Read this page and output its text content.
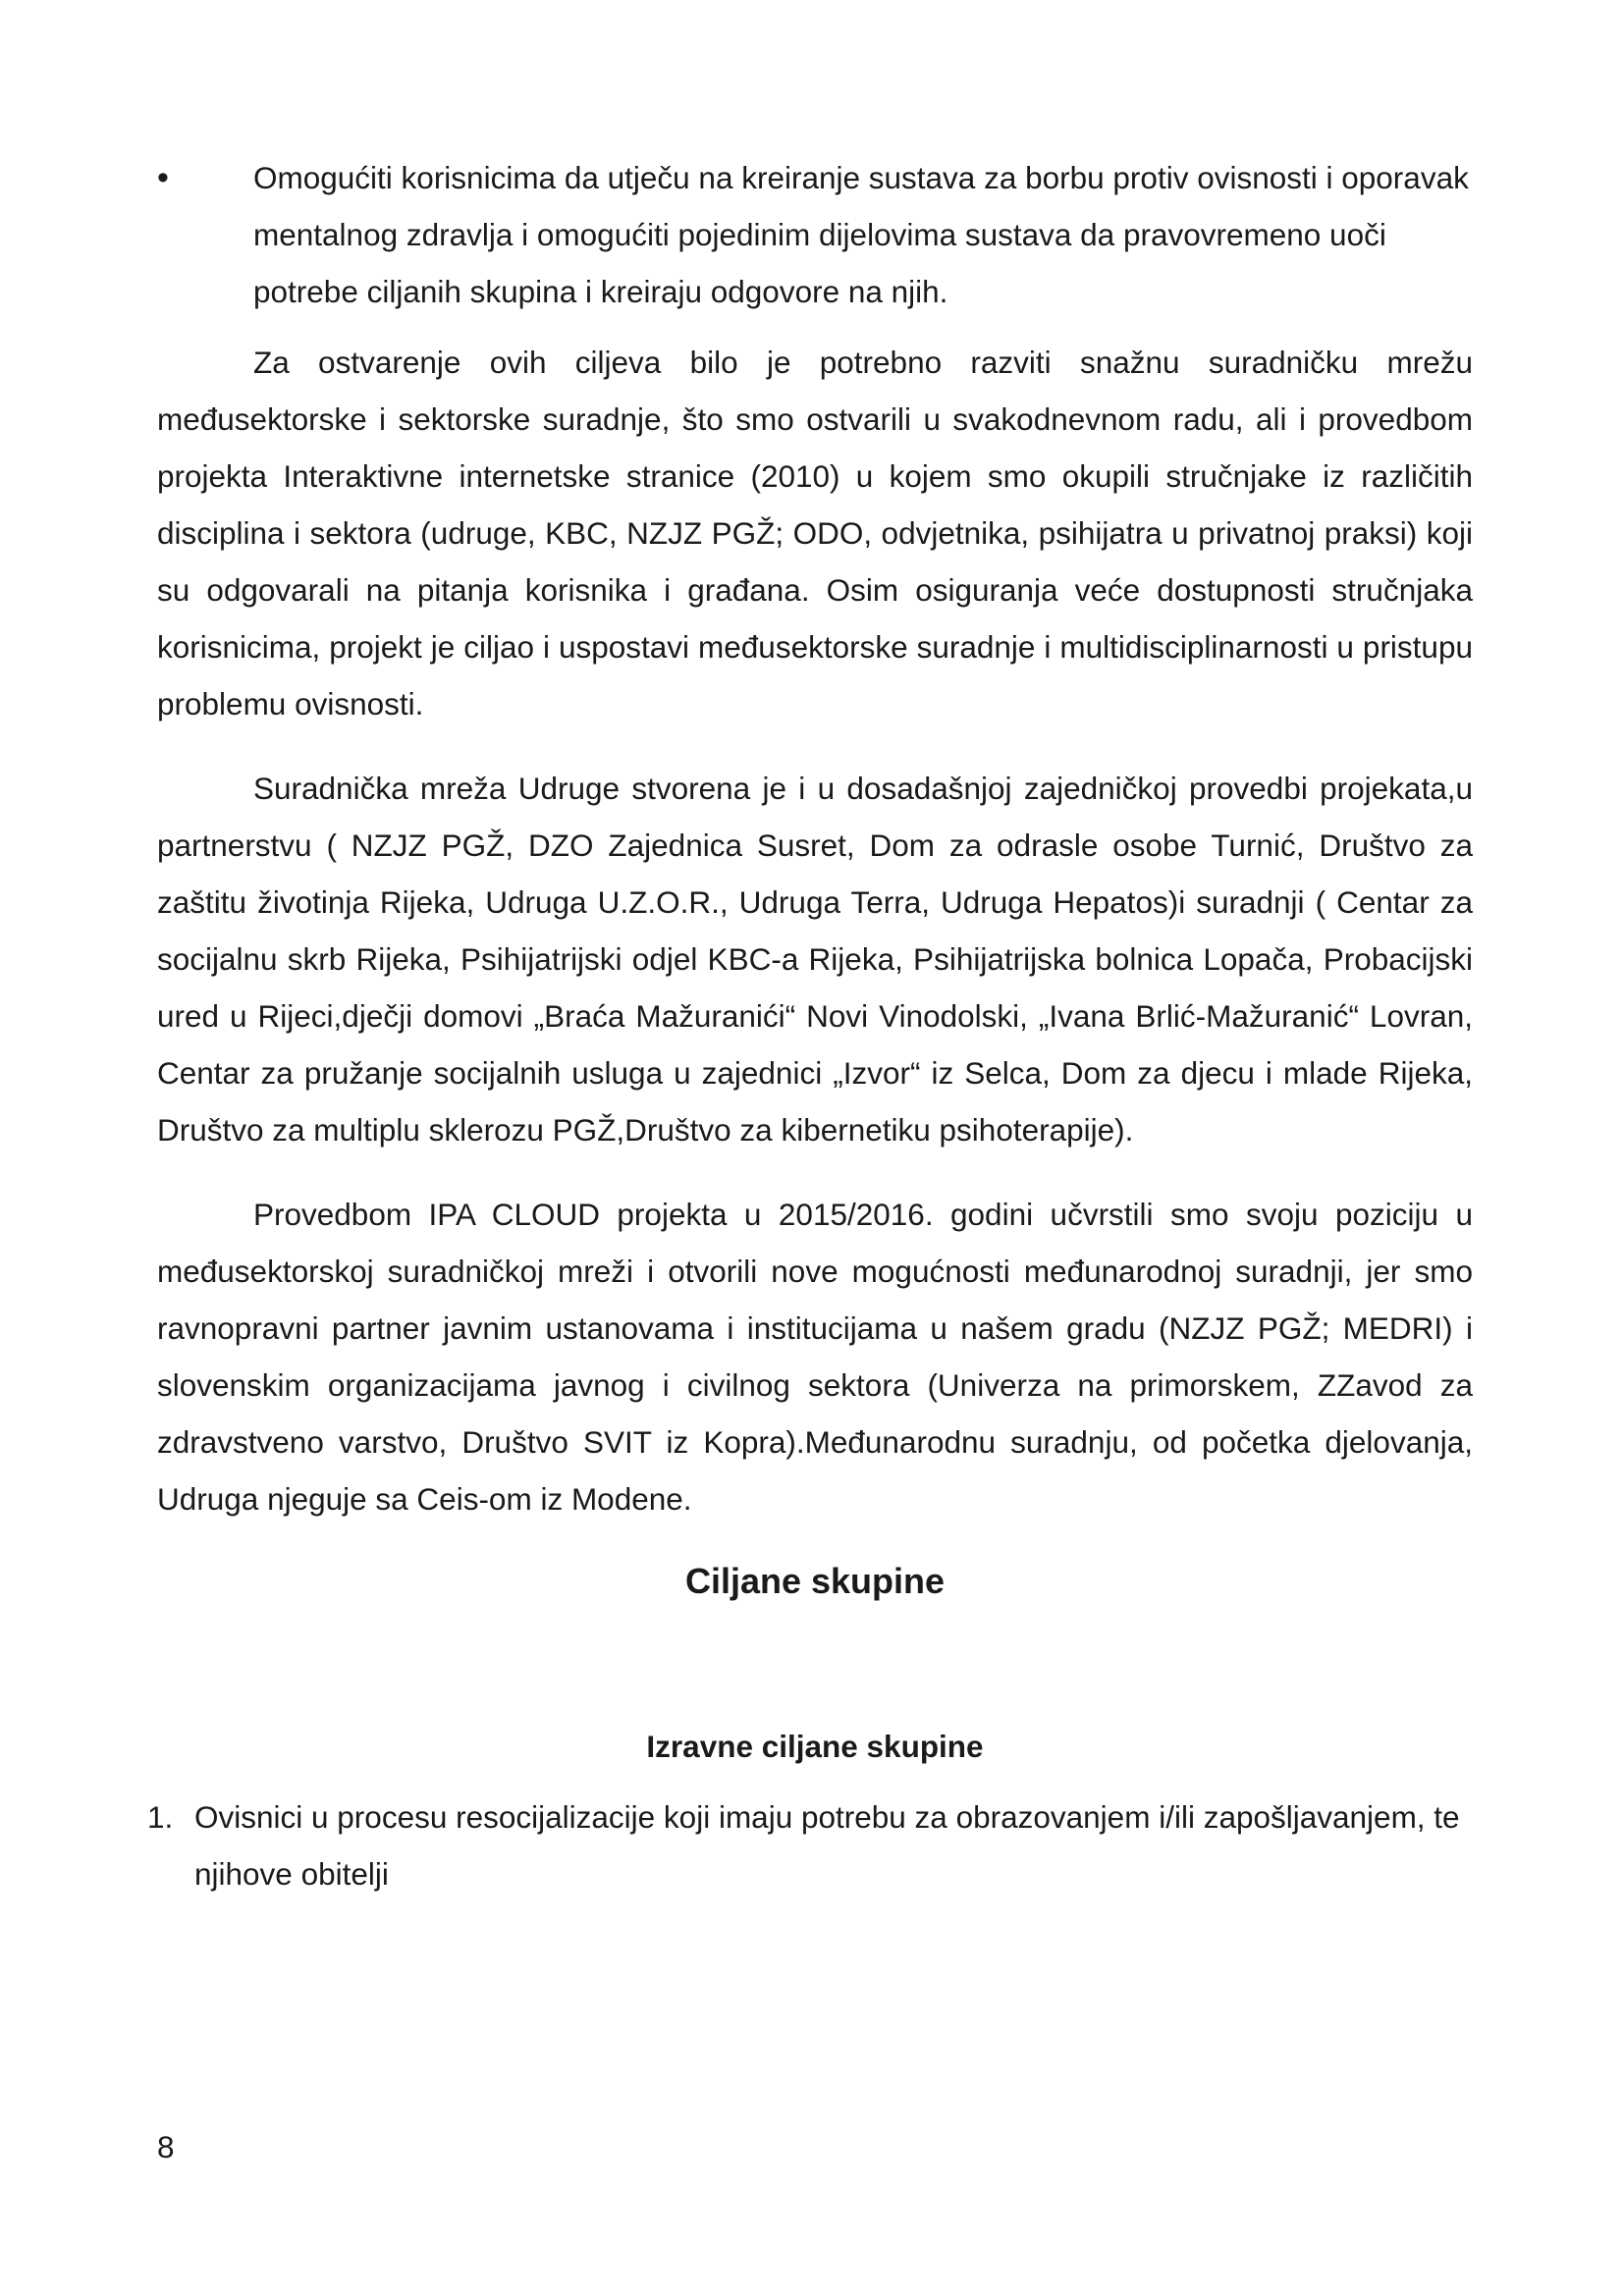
•	Omogućiti korisnicima da utječu na kreiranje sustava za borbu protiv ovisnosti i oporavak mentalnog zdravlja i omogućiti pojedinim dijelovima sustava da pravovremeno uoči potrebe ciljanih skupina i kreiraju odgovore na njih.

Za ostvarenje ovih ciljeva bilo je potrebno razviti snažnu suradničku mrežu međusektorske i sektorske suradnje, što smo ostvarili u svakodnevnom radu, ali i provedbom projekta Interaktivne internetske stranice (2010) u kojem smo okupili stručnjake iz različitih disciplina i sektora (udruge, KBC, NZJZ PGŽ; ODO, odvjetnika, psihijatra u privatnoj praksi) koji su odgovarali na pitanja korisnika i građana. Osim osiguranja veće dostupnosti stručnjaka korisnicima, projekt je ciljao i uspostavi međusektorske suradnje i multidisciplinarnosti u pristupu problemu ovisnosti.

Suradnička mreža Udruge stvorena je i u dosadašnjoj zajedničkoj provedbi projekata,u partnerstvu ( NZJZ PGŽ, DZO Zajednica Susret, Dom za odrasle osobe Turnić, Društvo za zaštitu životinja Rijeka, Udruga U.Z.O.R., Udruga Terra, Udruga Hepatos)i suradnji ( Centar za socijalnu skrb Rijeka, Psihijatrijski odjel KBC-a Rijeka, Psihijatrijska bolnica Lopača, Probacijski ured u Rijeci,dječji domovi „Braća Mažuranići“ Novi Vinodolski, „Ivana Brlić-Mažuranić“ Lovran, Centar za pružanje socijalnih usluga u zajednici „Izvor“ iz Selca, Dom za djecu i mlade Rijeka, Društvo za multiplu sklerozu PGŽ,Društvo za kibernetiku psihoterapije).

Provedbom IPA CLOUD projekta u 2015/2016. godini učvrstili smo svoju poziciju u međusektorskoj suradničkoj mreži i otvorili nove mogućnosti međunarodnoj suradnji, jer smo ravnopravni partner javnim ustanovama i institucijama u našem gradu (NZJZ PGŽ; MEDRI) i slovenskim organizacijama javnog i civilnog sektora (Univerza na primorskem, ZZavod za zdravstveno varstvo, Društvo SVIT iz Kopra).Međunarodnu suradnju, od početka djelovanja, Udruga njeguje sa Ceis-om iz Modene.

Ciljane skupine
Izravne ciljane skupine
1. Ovisnici u procesu resocijalizacije koji imaju potrebu za obrazovanjem i/ili zapošljavanjem, te njihove obitelji
8
